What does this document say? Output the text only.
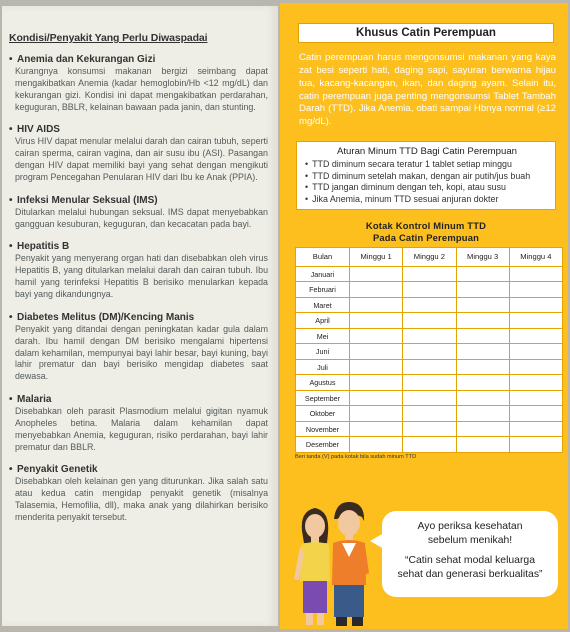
Kondisi/Penyakit Yang Perlu Diwaspadai
• Anemia dan Kekurangan Gizi
Kurangnya konsumsi makanan bergizi seimbang dapat mengakibatkan Anemia (kadar hemoglobin/Hb <12 mg/dL) dan kekurangan gizi. Kondisi ini dapat mengakibatkan perdarahan, keguguran, BBLR, kelainan bawaan pada janin, dan stunting.
• HIV AIDS
Virus HIV dapat menular melalui darah dan cairan tubuh, seperti cairan sperma, cairan vagina, dan air susu ibu (ASI). Pasangan dengan HIV dapat memiliki bayi yang sehat dengan mengikuti program Pencegahan Penularan HIV dari Ibu ke Anak (PPIA).
• Infeksi Menular Seksual (IMS)
Ditularkan melalui hubungan seksual. IMS dapat menyebabkan gangguan kesuburan, keguguran, dan kecacatan pada bayi.
• Hepatitis B
Penyakit yang menyerang organ hati dan disebabkan oleh virus Hepatitis B, yang ditularkan melalui darah dan cairan tubuh. Ibu hamil yang terinfeksi Hepatitis B berisiko menularkan kepada bayi yang dikandungnya.
• Diabetes Melitus (DM)/Kencing Manis
Penyakit yang ditandai dengan peningkatan kadar gula dalam darah. Ibu hamil dengan DM berisiko mengalami hipertensi dalam kehamilan, mempunyai bayi lahir besar, bayi kuning, bayi lahir prematur dan bayi berisiko mengidap diabetes saat dewasa.
• Malaria
Disebabkan oleh parasit Plasmodium melalui gigitan nyamuk Anopheles betina. Malaria dalam kehamilan dapat menyebabkan Anemia, keguguran, risiko perdarahan, bayi lahir prematur dan BBLR.
• Penyakit Genetik
Disebabkan oleh kelainan gen yang diturunkan. Jika salah satu atau kedua catin mengidap penyakit genetik (misalnya Talasemia, Hemofilia, dll), maka anak yang dilahirkan berisiko menderita penyakit tersebut.
Khusus Catin Perempuan
Catin perempuan harus mengonsumsi makanan yang kaya zat besi seperti hati, daging sapi, sayuran berwarna hijau tua, kacang-kacangan, ikan, dan daging ayam. Selain itu, catin perempuan juga penting mengonsumsi Tablet Tambah Darah (TTD). Jika Anemia, obati sampai Hbnya normal (≥12 mg/dL).
Aturan Minum TTD Bagi Catin Perempuan
• TTD diminum secara teratur 1 tablet setiap minggu
• TTD diminum setelah makan, dengan air putih/jus buah
• TTD jangan diminum dengan teh, kopi, atau susu
• Jika Anemia, minum TTD sesuai anjuran dokter
Kotak Kontrol Minum TTD
Pada Catin Perempuan
Bulan	Minggu 1	Minggu 2	Minggu 3	Minggu 4
Januari				
Februari				
Maret				
April				
Mei				
Juni				
Juli				
Agustus				
September				
Oktober				
November				
Desember				
Beri tanda (V) pada kotak bila sudah minum TTD
Ayo periksa kesehatan
sebelum menikah!
“Catin sehat modal keluarga
sehat dan generasi berkualitas”
